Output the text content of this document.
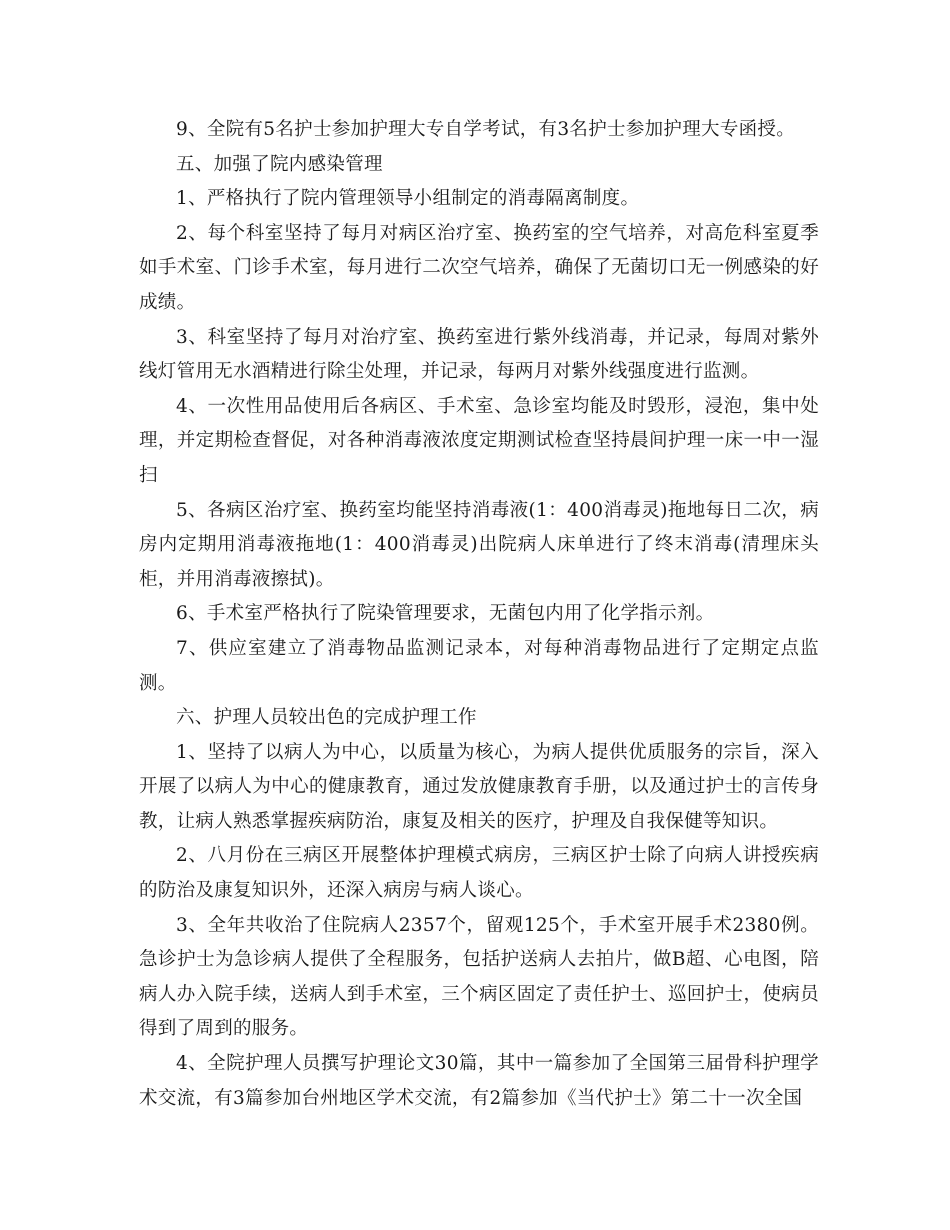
9、全院有5名护士参加护理大专自学考试，有3名护士参加护理大专函授。

五、加强了院内感染管理

1、严格执行了院内管理领导小组制定的消毒隔离制度。

2、每个科室坚持了每月对病区治疗室、换药室的空气培养，对高危科室夏季如手术室、门诊手术室，每月进行二次空气培养，确保了无菌切口无一例感染的好成绩。

3、科室坚持了每月对治疗室、换药室进行紫外线消毒，并记录，每周对紫外线灯管用无水酒精进行除尘处理，并记录，每两月对紫外线强度进行监测。

4、一次性用品使用后各病区、手术室、急诊室均能及时毁形，浸泡，集中处理，并定期检查督促，对各种消毒液浓度定期测试检查坚持晨间护理一床一中一湿扫

5、各病区治疗室、换药室均能坚持消毒液(1：400消毒灵)拖地每日二次，病房内定期用消毒液拖地(1：400消毒灵)出院病人床单进行了终末消毒(清理床头柜，并用消毒液擦拭)。

6、手术室严格执行了院染管理要求，无菌包内用了化学指示剂。

7、供应室建立了消毒物品监测记录本，对每种消毒物品进行了定期定点监测。

六、护理人员较出色的完成护理工作

1、坚持了以病人为中心，以质量为核心，为病人提供优质服务的宗旨，深入开展了以病人为中心的健康教育，通过发放健康教育手册，以及通过护士的言传身教，让病人熟悉掌握疾病防治，康复及相关的医疗，护理及自我保健等知识。

2、八月份在三病区开展整体护理模式病房，三病区护士除了向病人讲授疾病的防治及康复知识外，还深入病房与病人谈心。

3、全年共收治了住院病人2357个，留观125个，手术室开展手术2380例。急诊护士为急诊病人提供了全程服务，包括护送病人去拍片，做B超、心电图，陪病人办入院手续，送病人到手术室，三个病区固定了责任护士、巡回护士，使病员得到了周到的服务。

4、全院护理人员撰写护理论文30篇，其中一篇参加了全国第三届骨科护理学术交流，有3篇参加台州地区学术交流，有2篇参加《当代护士》第二十一次全国
